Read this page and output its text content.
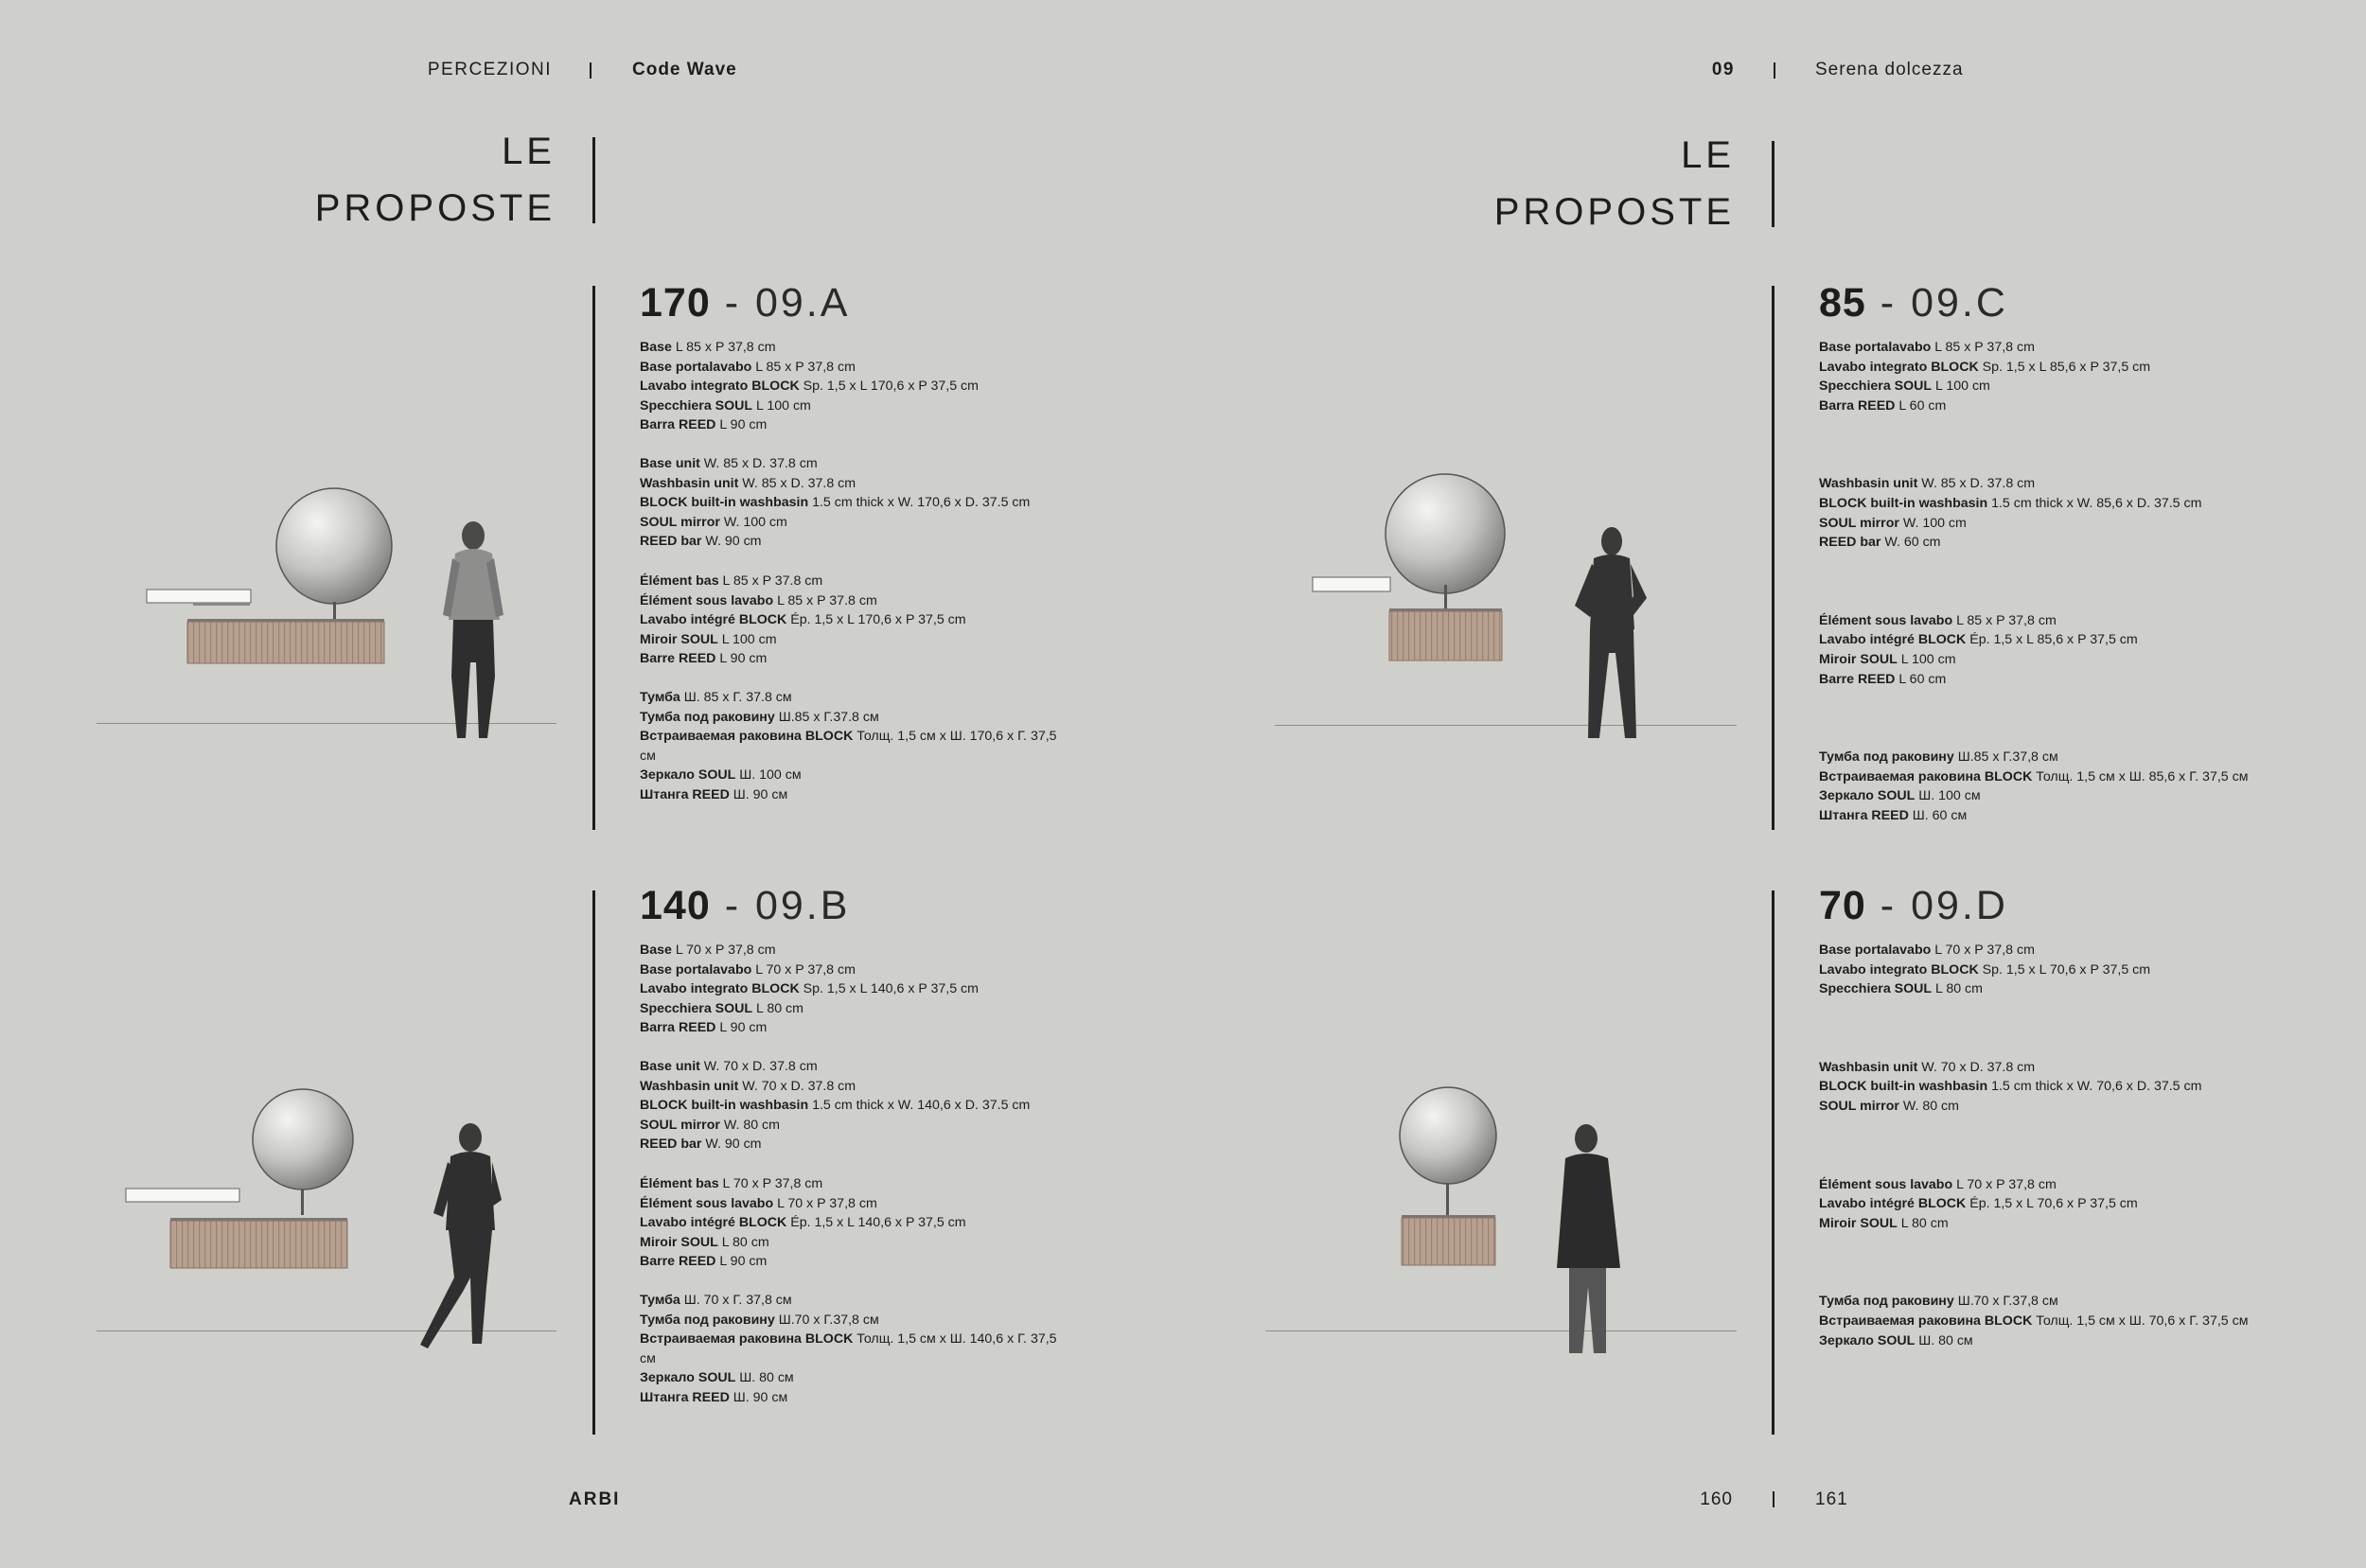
PERCEZIONI	Code Wave	09	Serena dolcezza
LE
PROPOSTE
LE
PROPOSTE
170 - 09.A
Base L 85 x P 37,8 cm
Base portalavabo L 85 x P 37,8 cm
Lavabo integrato BLOCK Sp. 1,5 x L 170,6 x P 37,5 cm
Specchiera SOUL L 100 cm
Barra REED L 90 cm
Base unit W. 85 x D. 37.8 cm
Washbasin unit W. 85 x D. 37.8 cm
BLOCK built-in washbasin 1.5 cm thick x W. 170,6 x D. 37.5 cm
SOUL mirror W. 100 cm
REED bar W. 90 cm
Élément bas L 85 x P 37.8 cm
Élément sous lavabo L 85 x P 37.8 cm
Lavabo intégré BLOCK Ép. 1,5 x L 170,6 x P 37,5 cm
Miroir SOUL L 100 cm
Barre REED L 90 cm
Тумба Ш. 85 х Г. 37.8 см
Тумба под раковину Ш.85 х Г.37.8 см
Встраиваемая раковина BLOCK Толщ. 1,5 см х Ш. 170,6 х Г. 37,5 см
Зеркало SOUL Ш. 100 см
Штанга REED Ш. 90 см
140 - 09.B
Base L 70 x P 37,8 cm
Base portalavabo L 70 x P 37,8 cm
Lavabo integrato BLOCK Sp. 1,5 x L 140,6 x P 37,5 cm
Specchiera SOUL L 80 cm
Barra REED L 90 cm
Base unit W. 70 x D. 37.8 cm
Washbasin unit W. 70 x D. 37.8 cm
BLOCK built-in washbasin 1.5 cm thick x W. 140,6 x D. 37.5 cm
SOUL mirror W. 80 cm
REED bar W. 90 cm
Élément bas L 70 x P 37,8 cm
Élément sous lavabo L 70 x P 37,8 cm
Lavabo intégré BLOCK Ép. 1,5 x L 140,6 x P 37,5 cm
Miroir SOUL L 80 cm
Barre REED L 90 cm
Тумба Ш. 70 х Г. 37,8 см
Тумба под раковину Ш.70 х Г.37,8 см
Встраиваемая раковина BLOCK Толщ. 1,5 см х Ш. 140,6 х Г. 37,5 см
Зеркало SOUL Ш. 80 см
Штанга REED Ш. 90 см
85 - 09.C
Base portalavabo L 85 x P 37,8 cm
Lavabo integrato BLOCK Sp. 1,5 x L 85,6 x P 37,5 cm
Specchiera SOUL L 100 cm
Barra REED L 60 cm
Washbasin unit W. 85 x D. 37.8 cm
BLOCK built-in washbasin 1.5 cm thick x W. 85,6 x D. 37.5 cm
SOUL mirror W. 100 cm
REED bar W. 60 cm
Élément sous lavabo L 85 x P 37,8 cm
Lavabo intégré BLOCK Ép. 1,5 x L 85,6 x P 37,5 cm
Miroir SOUL L 100 cm
Barre REED L 60 cm
Тумба под раковину Ш.85 х Г.37,8 см
Встраиваемая раковина BLOCK Толщ. 1,5 см х Ш. 85,6 х Г. 37,5 см
Зеркало SOUL Ш. 100 см
Штанга REED Ш. 60 см
70 - 09.D
Base portalavabo L 70 x P 37,8 cm
Lavabo integrato BLOCK Sp. 1,5 x L 70,6 x P 37,5 cm
Specchiera SOUL L 80 cm
Washbasin unit W. 70 x D. 37.8 cm
BLOCK built-in washbasin 1.5 cm thick x W. 70,6 x D. 37.5 cm
SOUL mirror W. 80 cm
Élément sous lavabo L 70 x P 37,8 cm
Lavabo intégré BLOCK Ép. 1,5 x L 70,6 x P 37,5 cm
Miroir SOUL L 80 cm
Тумба под раковину Ш.70 х Г.37,8 см
Встраиваемая раковина BLOCK Толщ. 1,5 см х Ш. 70,6 х Г. 37,5 см
Зеркало SOUL Ш. 80 см
ARBI	160	161
